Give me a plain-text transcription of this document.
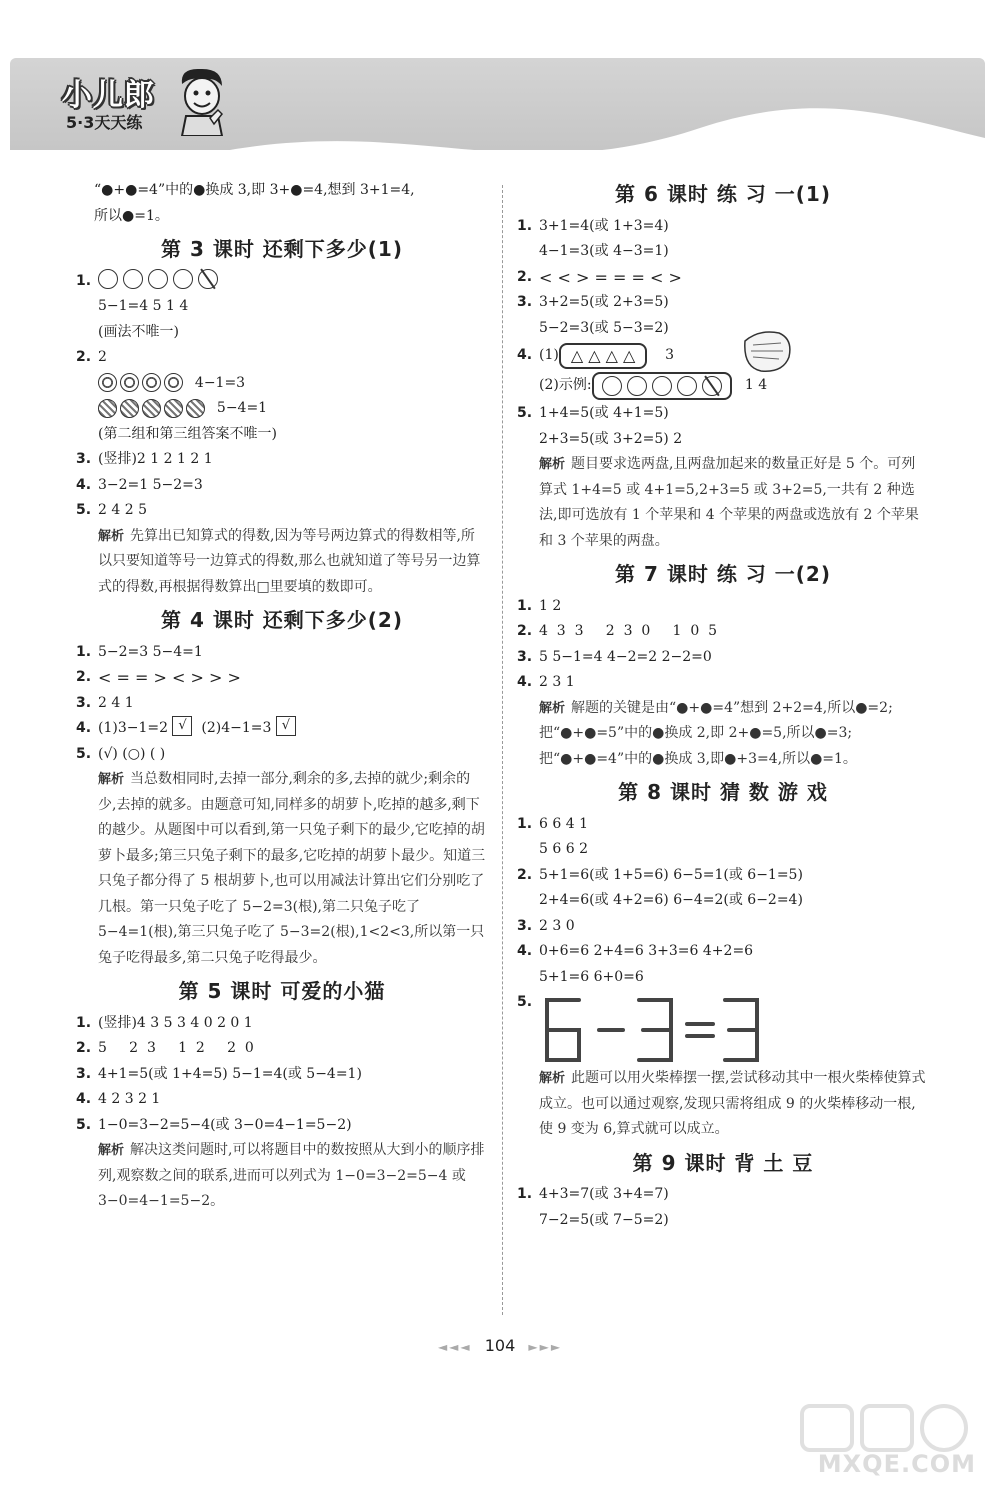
小儿郎
5·3天天练
“●+●=4”中的●换成 3,即 3+●=4,想到 3+1=4,
所以●=1。
第 3 课时 还剩下多少(1)
1.
5−1=4 5 1 4
(画法不唯一)
2. 2
4−1=3
5−4=1
(第二组和第三组答案不唯一)
3. (竖排)2 1 2 1 2 1
4. 3−2=1 5−2=3
5. 2 4 2 5
解析 先算出已知算式的得数,因为等号两边算式的得数相等,所以只要知道等号一边算式的得数,那么也就知道了等号另一边算式的得数,再根据得数算出□里要填的数即可。
第 4 课时 还剩下多少(2)
1. 5−2=3 5−4=1
2. < = = > < > > >
3. 2 4 1
4. (1)3−1=2
√
	(2)4−1=3
√
5. (√) (○) ( )
解析 当总数相同时,去掉一部分,剩余的多,去掉的就少;剩余的少,去掉的就多。由题意可知,同样多的胡萝卜,吃掉的越多,剩下的越少。从题图中可以看到,第一只兔子剩下的最少,它吃掉的胡萝卜最多;第三只兔子剩下的最多,它吃掉的胡萝卜最少。知道三只兔子都分得了 5 根胡萝卜,也可以用减法计算出它们分别吃了几根。第一只兔子吃了 5−2=3(根),第二只兔子吃了 5−4=1(根),第三只兔子吃了 5−3=2(根),1<2<3,所以第一只兔子吃得最多,第二只兔子吃得最少。
第 5 课时 可爱的小猫
1. (竖排)4 3 5 3 4 0 2 0 1
2. 5     2  3     1  2     2  0
3. 4+1=5(或 1+4=5) 5−1=4(或 5−4=1)
4. 4 2 3 2 1
5. 1−0=3−2=5−4(或 3−0=4−1=5−2)
解析 解决这类问题时,可以将题目中的数按照从大到小的顺序排列,观察数之间的联系,进而可以列式为 1−0=3−2=5−4 或 3−0=4−1=5−2。
第 6 课时 练 习 一(1)
1. 3+1=4(或 1+3=4)
4−1=3(或 4−3=1)
2. < < > = = = < >
3. 3+2=5(或 2+3=5)
5−2=3(或 5−3=2)
4. (1) △ △ △ △
	3
(2)示例:
	1 4
5. 1+4=5(或 4+1=5)
2+3=5(或 3+2=5) 2
解析 题目要求选两盘,且两盘加起来的数量正好是 5 个。可列算式 1+4=5 或 4+1=5,2+3=5 或 3+2=5,一共有 2 种选法,即可选放有 1 个苹果和 4 个苹果的两盘或选放有 2 个苹果和 3 个苹果的两盘。
第 7 课时 练 习 一(2)
1. 1 2
2. 4  3  3     2  3  0     1  0  5
3. 5 5−1=4 4−2=2 2−2=0
4. 2 3 1
解析 解题的关键是由“●+●=4”想到 2+2=4,所以●=2;把“●+●=5”中的●换成 2,即 2+●=5,所以●=3;把“●+●=4”中的●换成 3,即●+3=4,所以●=1。
第 8 课时 猜 数 游 戏
1. 6 6 4 1
5 6 6 2
2. 5+1=6(或 1+5=6) 6−5=1(或 6−1=5)
2+4=6(或 4+2=6) 6−4=2(或 6−2=4)
3. 2 3 0
4. 0+6=6 2+4=6 3+3=6 4+2=6
5+1=6 6+0=6
5.
解析 此题可以用火柴棒摆一摆,尝试移动其中一根火柴棒使算式成立。也可以通过观察,发现只需将组成 9 的火柴棒移动一根,使 9 变为 6,算式就可以成立。
第 9 课时 背 土 豆
1. 4+3=7(或 3+4=7)
7−2=5(或 7−5=2)
◄◄◄ 104 ►►►
MXQE.COM
